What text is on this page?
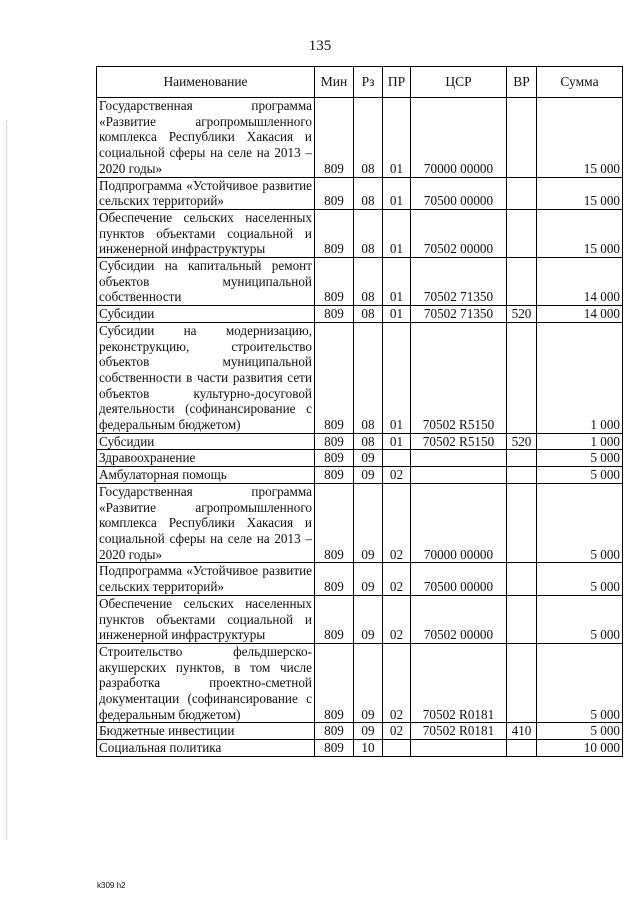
135
Наименование	Мин	Рз	ПР	ЦСР	ВР	Сумма
Государственная программа «Развитие агропромышленного комплекса Республики Хакасия и социальной сферы на селе на 2013 – 2020 годы»	809	08	01	70000 00000		15 000
Подпрограмма «Устойчивое развитие сельских территорий»	809	08	01	70500 00000		15 000
Обеспечение сельских населенных пунктов объектами социальной и инженерной инфраструктуры	809	08	01	70502 00000		15 000
Субсидии на капитальный ремонт объектов муниципальной собственности	809	08	01	70502 71350		14 000
Субсидии	809	08	01	70502 71350	520	14 000
Субсидии на модернизацию, реконструкцию, строительство объектов муниципальной собственности в части развития сети объектов культурно-досуговой деятельности (софинансирование с федеральным бюджетом)	809	08	01	70502 R5150		1 000
Субсидии	809	08	01	70502 R5150	520	1 000
Здравоохранение	809	09				5 000
Амбулаторная помощь	809	09	02			5 000
Государственная программа «Развитие агропромышленного комплекса Республики Хакасия и социальной сферы на селе на 2013 – 2020 годы»	809	09	02	70000 00000		5 000
Подпрограмма «Устойчивое развитие сельских территорий»	809	09	02	70500 00000		5 000
Обеспечение сельских населенных пунктов объектами социальной и инженерной инфраструктуры	809	09	02	70502 00000		5 000
Строительство фельдшерско-акушерских пунктов, в том числе разработка проектно-сметной документации (софинансирование с федеральным бюджетом)	809	09	02	70502 R0181		5 000
Бюджетные инвестиции	809	09	02	70502 R0181	410	5 000
Социальная политика	809	10				10 000
k309 h2
